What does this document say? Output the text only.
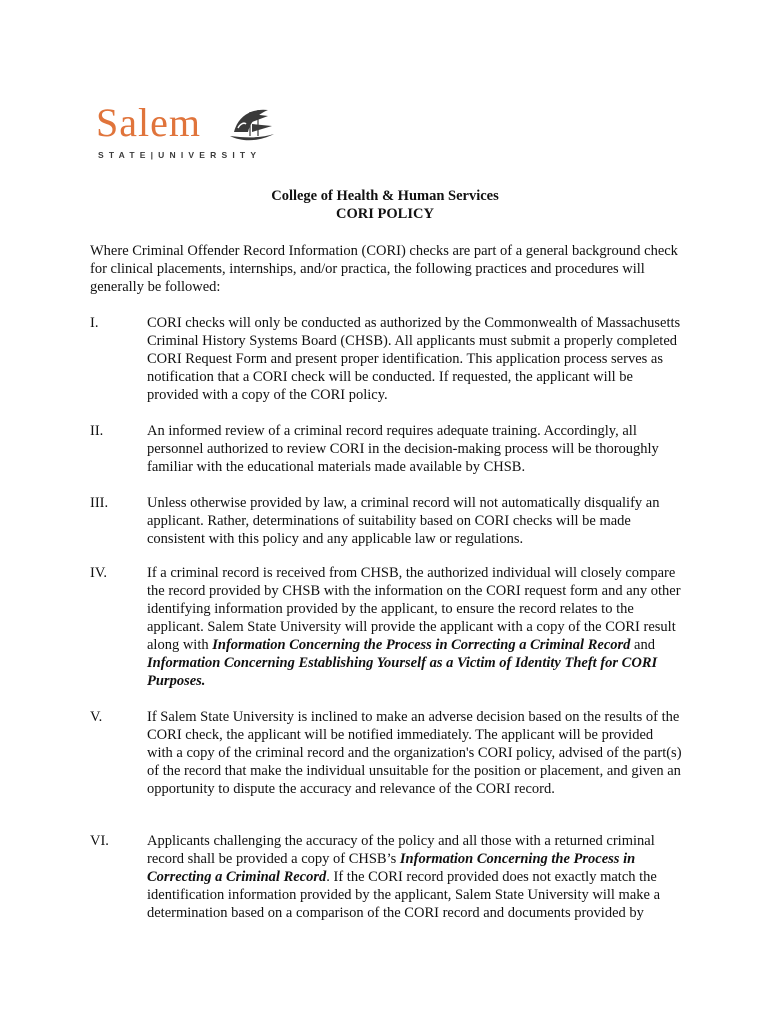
Salem
STATE|UNIVERSITY
College of Health & Human Services
CORI POLICY
Where Criminal Offender Record Information (CORI) checks are part of a general background check for clinical placements, internships, and/or practica, the following practices and procedures will generally be followed:
I.	CORI checks will only be conducted as authorized by the Commonwealth of Massachusetts Criminal History Systems Board (CHSB). All applicants must submit a properly completed CORI Request Form and present proper identification. This application process serves as notification that a CORI check will be conducted. If requested, the applicant will be provided with a copy of the CORI policy.
II.	An informed review of a criminal record requires adequate training. Accordingly, all personnel authorized to review CORI in the decision-making process will be thoroughly familiar with the educational materials made available by CHSB.
III.	Unless otherwise provided by law, a criminal record will not automatically disqualify an applicant. Rather, determinations of suitability based on CORI checks will be made consistent with this policy and any applicable law or regulations.
IV.	If a criminal record is received from CHSB, the authorized individual will closely compare the record provided by CHSB with the information on the CORI request form and any other identifying information provided by the applicant, to ensure the record relates to the applicant. Salem State University will provide the applicant with a copy of the CORI result along with Information Concerning the Process in Correcting a Criminal Record and Information Concerning Establishing Yourself as a Victim of Identity Theft for CORI Purposes.
V.	If Salem State University is inclined to make an adverse decision based on the results of the CORI check, the applicant will be notified immediately. The applicant will be provided with a copy of the criminal record and the organization's CORI policy, advised of the part(s) of the record that make the individual unsuitable for the position or placement, and given an opportunity to dispute the accuracy and relevance of the CORI record.
VI.	Applicants challenging the accuracy of the policy and all those with a returned criminal record shall be provided a copy of CHSB’s Information Concerning the Process in Correcting a Criminal Record. If the CORI record provided does not exactly match the identification information provided by the applicant, Salem State University will make a determination based on a comparison of the CORI record and documents provided by
